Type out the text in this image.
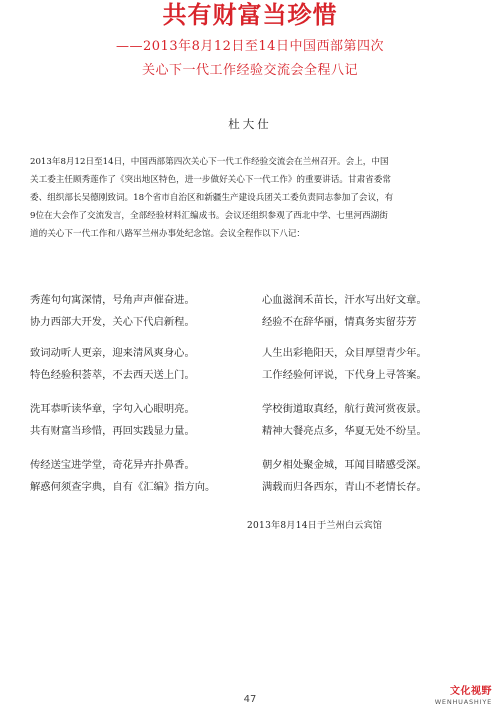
共有财富当珍惜
——2013年8月12日至14日中国西部第四次
关心下一代工作经验交流会全程八记
杜大仕
2013年8月12日至14日，中国西部第四次关心下一代工作经验交流会在兰州召开。会上，中国
关工委主任顾秀莲作了《突出地区特色，进一步做好关心下一代工作》的重要讲话。甘肃省委常
委、组织部长吴德刚致词。18个省市自治区和新疆生产建设兵团关工委负责同志参加了会议，有
9位在大会作了交流发言，全部经验材料汇编成书。会议还组织参观了西北中学、七里河西湖街
道的关心下一代工作和八路军兰州办事处纪念馆。会议全程作以下八记：
秀莲句句寓深情，号角声声催奋进。
协力西部大开发，关心下代启新程。
心血滋润禾苗长，汗水写出好文章。
经验不在辞华丽，情真务实留芬芳
致词动听人更亲，迎来清风爽身心。
特色经验积荟萃，不去西天送上门。
人生出彩艳阳天，众目厚望青少年。
工作经验何评说，下代身上寻答案。
洗耳恭听读华章，字句入心眼明亮。
共有财富当珍惜，再回实践显力量。
学校街道取真经，航行黄河赏夜景。
精神大餐亮点多，华夏无处不纷呈。
传经送宝进学堂，奇花异卉扑鼻香。
解惑何须查字典，自有《汇编》指方向。
朝夕相处聚金城，耳闻目睹感受深。
满载而归各西东，青山不老情长存。
2013年8月14日于兰州白云宾馆
47
文化视野
WENHUASHIYE
